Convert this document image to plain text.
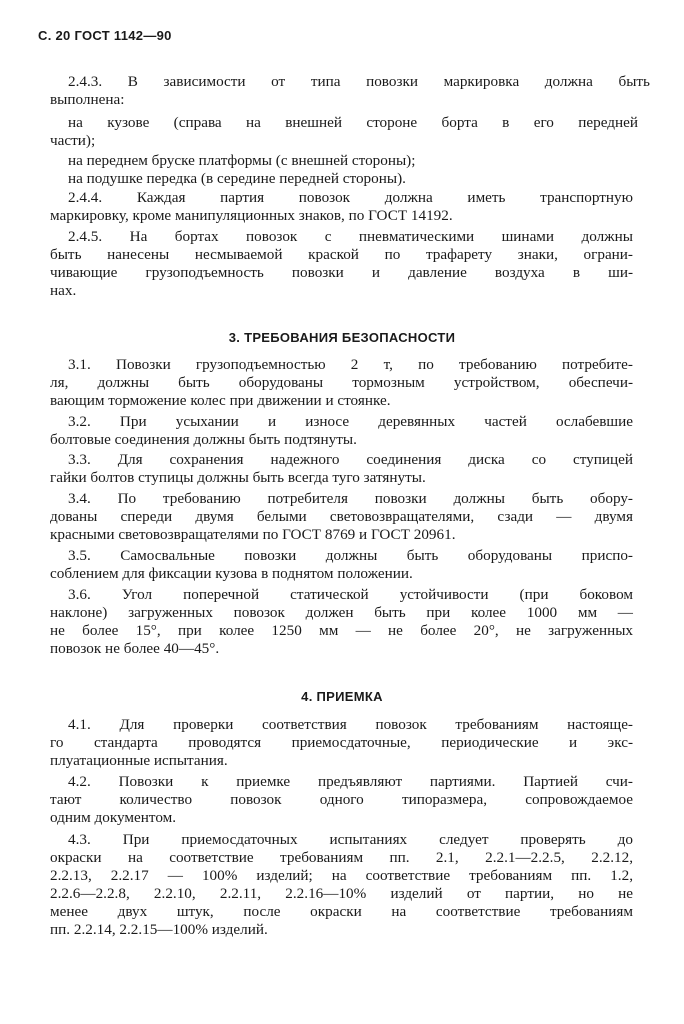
С. 20 ГОСТ 1142—90
2.4.3. В зависимости от типа повозки маркировка должна быть
выполнена:
на кузове (справа на внешней стороне борта в его передней
части);
на переднем бруске платформы (с внешней стороны);
на подушке передка (в середине передней стороны).
2.4.4. Каждая партия повозок должна иметь транспортную
маркировку, кроме манипуляционных знаков, по ГОСТ 14192.
2.4.5. На бортах повозок с пневматическими шинами должны
быть нанесены несмываемой краской по трафарету знаки, ограни-
чивающие грузоподъемность повозки и давление воздуха в ши-
нах.
3. ТРЕБОВАНИЯ БЕЗОПАСНОСТИ
3.1. Повозки грузоподъемностью 2 т, по требованию потребите-
ля, должны быть оборудованы тормозным устройством, обеспечи-
вающим торможение колес при движении и стоянке.
3.2. При усыхании и износе деревянных частей ослабевшие
болтовые соединения должны быть подтянуты.
3.3. Для сохранения надежного соединения диска со ступицей
гайки болтов ступицы должны быть всегда туго затянуты.
3.4. По требованию потребителя повозки должны быть обору-
дованы спереди двумя белыми световозвращателями, сзади — двумя
красными световозвращателями по ГОСТ 8769 и ГОСТ 20961.
3.5. Самосвальные повозки должны быть оборудованы приспо-
соблением для фиксации кузова в поднятом положении.
3.6. Угол поперечной статической устойчивости (при боковом
наклоне) загруженных повозок должен быть при колее 1000 мм —
не более 15°, при колее 1250 мм — не более 20°, не загруженных
повозок не более 40—45°.
4. ПРИЕМКА
4.1. Для проверки соответствия повозок требованиям настояще-
го стандарта проводятся приемосдаточные, периодические и экс-
плуатационные испытания.
4.2. Повозки к приемке предъявляют партиями. Партией счи-
тают количество повозок одного типоразмера, сопровождаемое
одним документом.
4.3. При приемосдаточных испытаниях следует проверять до
окраски на соответствие требованиям пп. 2.1, 2.2.1—2.2.5, 2.2.12,
2.2.13, 2.2.17 — 100% изделий; на соответствие требованиям пп. 1.2,
2.2.6—2.2.8, 2.2.10, 2.2.11, 2.2.16—10% изделий от партии, но не
менее двух штук, после окраски на соответствие требованиям
пп. 2.2.14, 2.2.15—100% изделий.
